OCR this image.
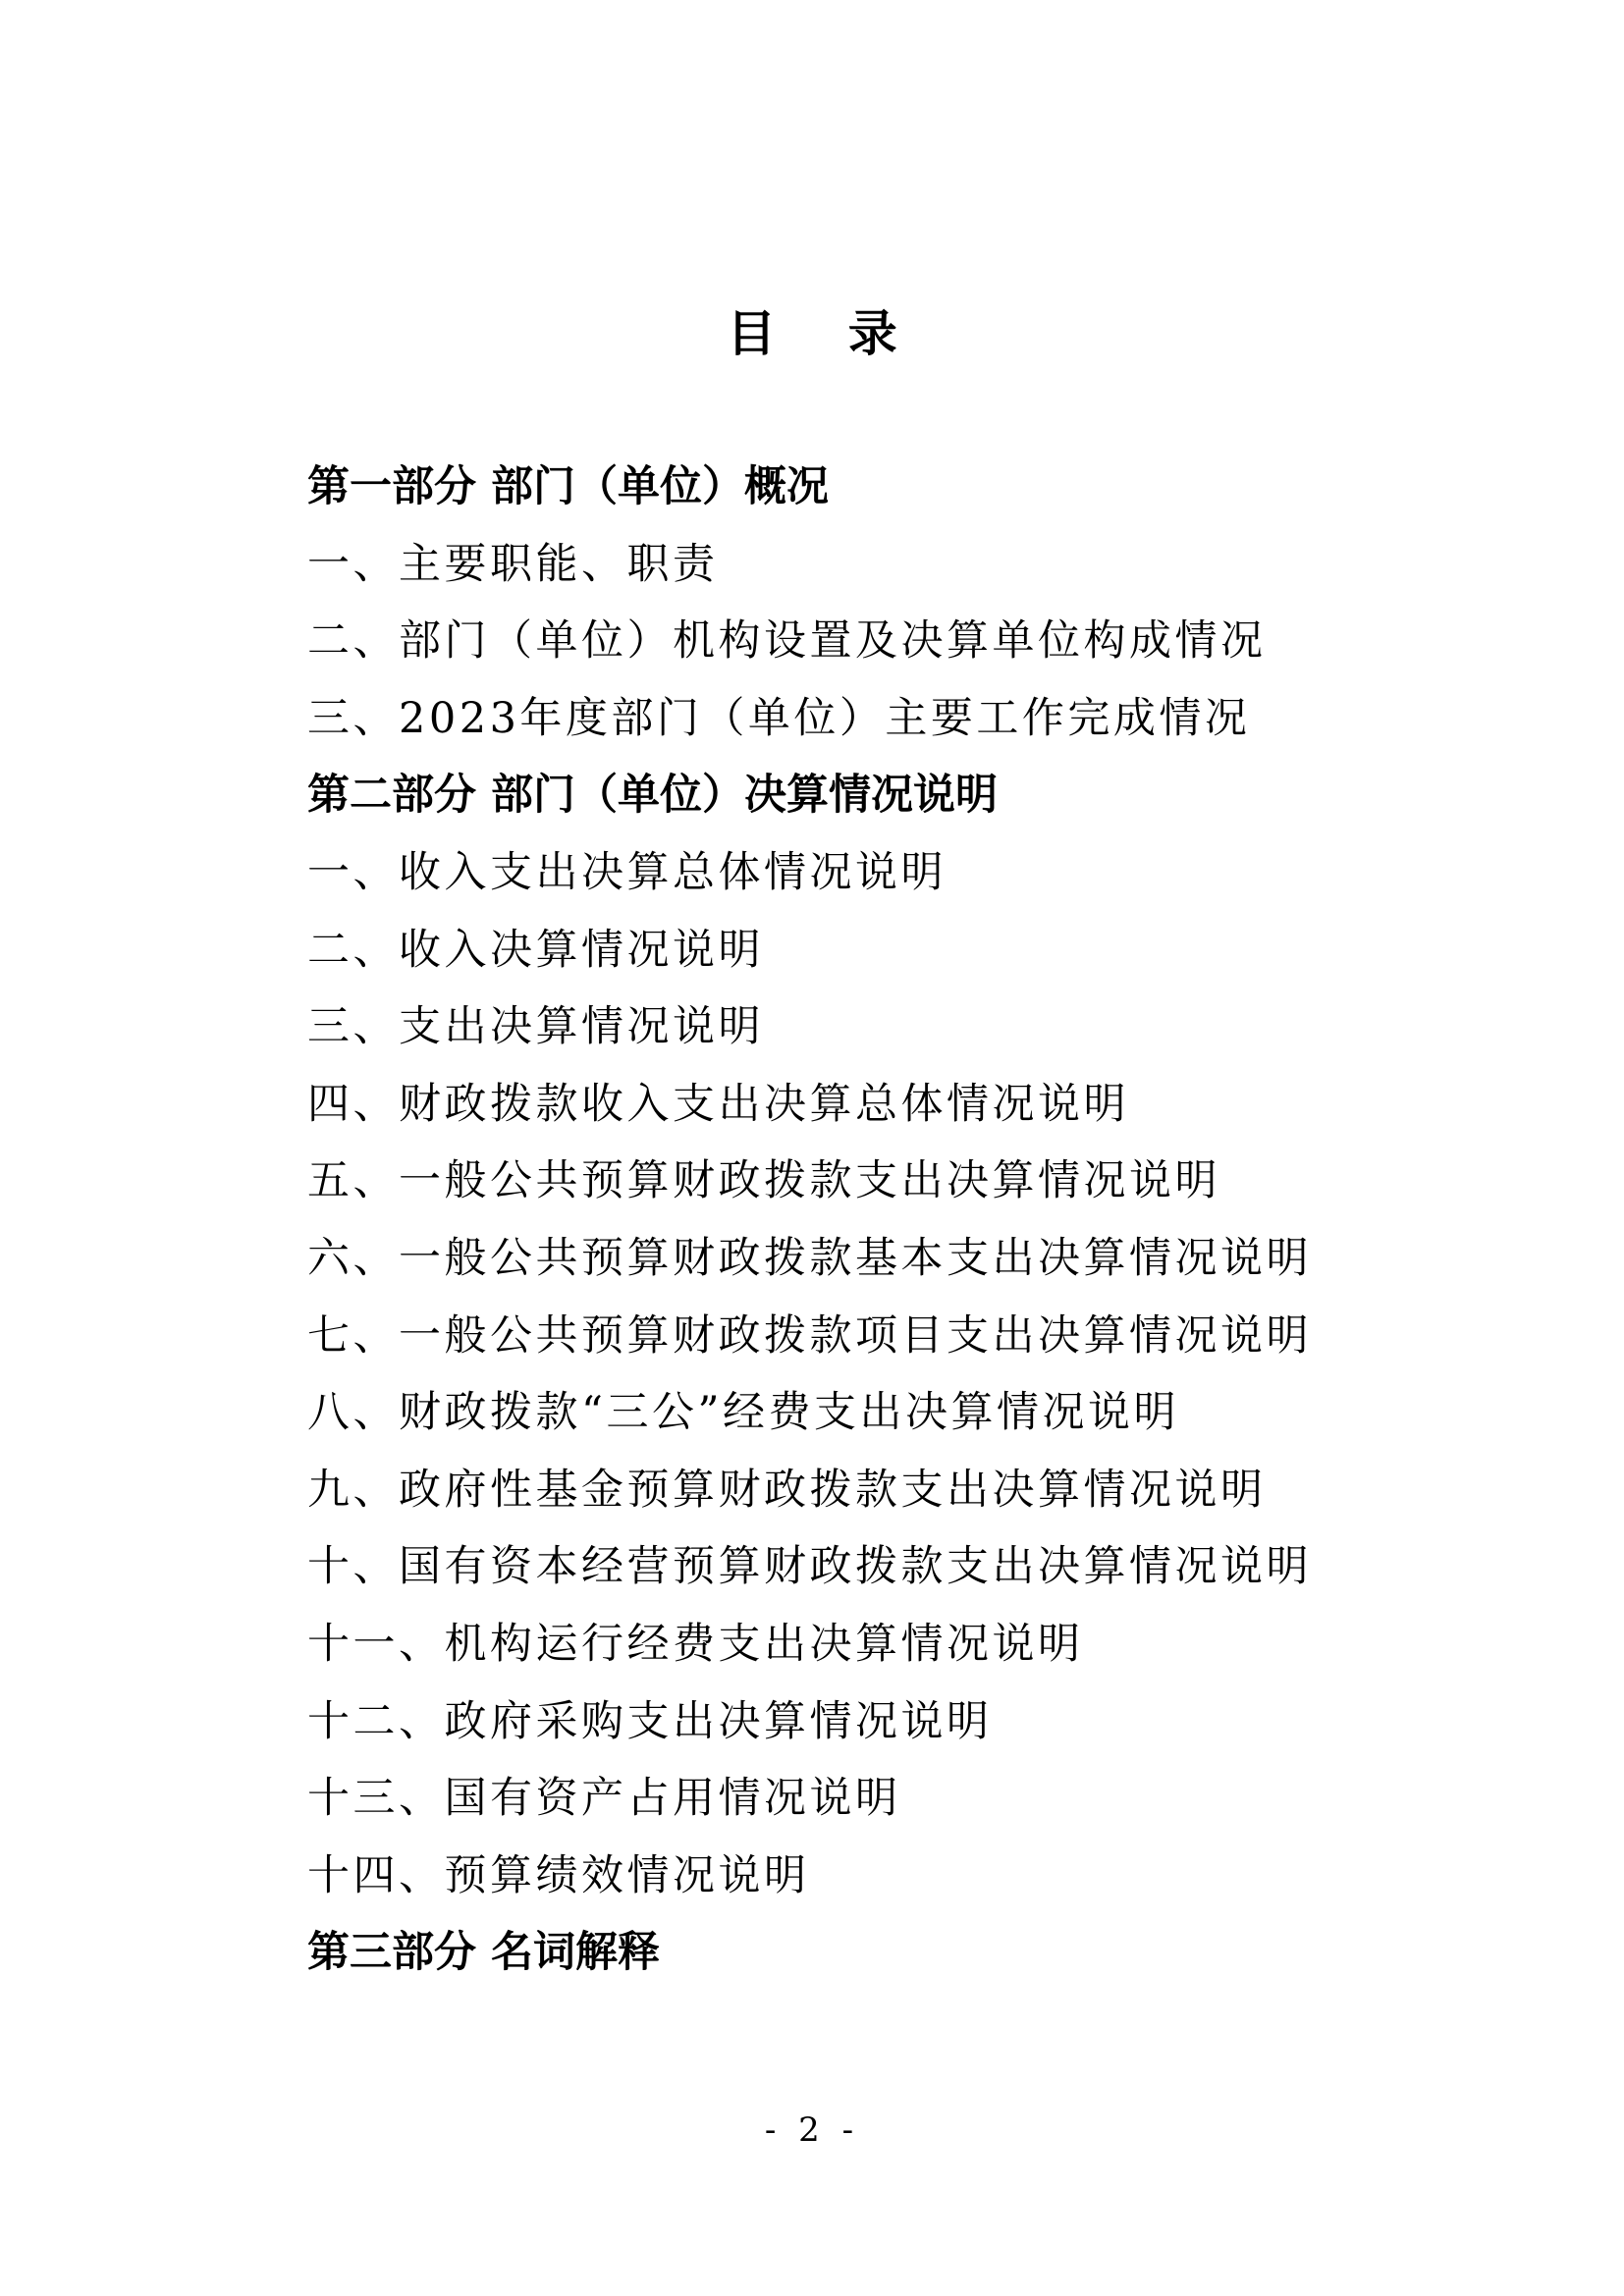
目 录
第一部分 部门（单位）概况
一、主要职能、职责
二、部门（单位）机构设置及决算单位构成情况
三、2023年度部门（单位）主要工作完成情况
第二部分 部门（单位）决算情况说明
一、收入支出决算总体情况说明
二、收入决算情况说明
三、支出决算情况说明
四、财政拨款收入支出决算总体情况说明
五、一般公共预算财政拨款支出决算情况说明
六、一般公共预算财政拨款基本支出决算情况说明
七、一般公共预算财政拨款项目支出决算情况说明
八、财政拨款“三公”经费支出决算情况说明
九、政府性基金预算财政拨款支出决算情况说明
十、国有资本经营预算财政拨款支出决算情况说明
十一、机构运行经费支出决算情况说明
十二、政府采购支出决算情况说明
十三、国有资产占用情况说明
十四、预算绩效情况说明
第三部分 名词解释
- 2 -
